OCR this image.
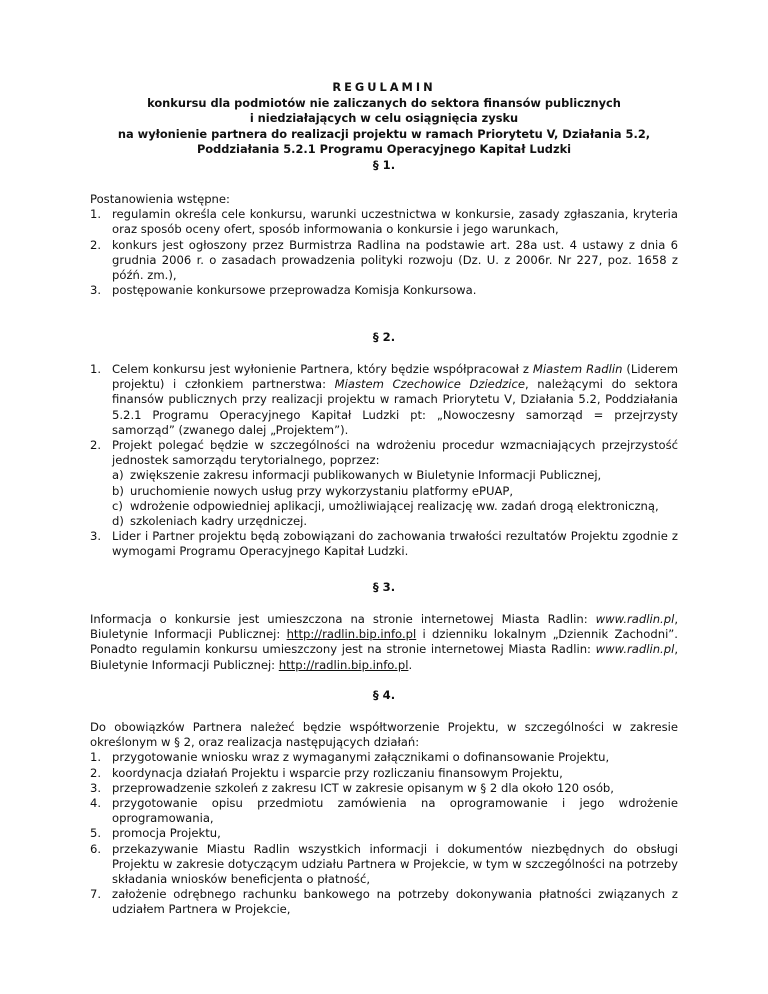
REGULAMIN
konkursu dla podmiotów nie zaliczanych do sektora finansów publicznych
i niedziałających w celu osiągnięcia zysku
na wyłonienie partnera do realizacji projektu w ramach Priorytetu V, Działania 5.2,
Poddziałania 5.2.1 Programu Operacyjnego Kapitał Ludzki
§ 1.
Postanowienia wstępne:
1. regulamin określa cele konkursu, warunki uczestnictwa w konkursie, zasady zgłaszania, kryteria oraz sposób oceny ofert, sposób informowania o konkursie i jego warunkach,
2. konkurs jest ogłoszony przez Burmistrza Radlina na podstawie art. 28a ust. 4 ustawy z dnia 6 grudnia 2006 r. o zasadach prowadzenia polityki rozwoju (Dz. U. z 2006r. Nr 227, poz. 1658 z późń. zm.),
3. postępowanie konkursowe przeprowadza Komisja Konkursowa.
§ 2.
1. Celem konkursu jest wyłonienie Partnera, który będzie współpracował z Miastem Radlin (Liderem projektu) i członkiem partnerstwa: Miastem Czechowice Dziedzice, należącymi do sektora finansów publicznych przy realizacji projektu w ramach Priorytetu V, Działania 5.2, Poddziałania 5.2.1 Programu Operacyjnego Kapitał Ludzki pt: „Nowoczesny samorząd = przejrzysty samorząd” (zwanego dalej „Projektem”).
2. Projekt polegać będzie w szczególności na wdrożeniu procedur wzmacniających przejrzystość jednostek samorządu terytorialnego, poprzez:
a) zwiększenie zakresu informacji publikowanych w Biuletynie Informacji Publicznej,
b) uruchomienie nowych usług przy wykorzystaniu platformy ePUAP,
c) wdrożenie odpowiedniej aplikacji, umożliwiającej realizację ww. zadań drogą elektroniczną,
d) szkoleniach kadry urzędniczej.
3. Lider i Partner projektu będą zobowiązani do zachowania trwałości rezultatów Projektu zgodnie z wymogami Programu Operacyjnego Kapitał Ludzki.
§ 3.
Informacja o konkursie jest umieszczona na stronie internetowej Miasta Radlin: www.radlin.pl, Biuletynie Informacji Publicznej: http://radlin.bip.info.pl i dzienniku lokalnym „Dziennik Zachodni”. Ponadto regulamin konkursu umieszczony jest na stronie internetowej Miasta Radlin: www.radlin.pl, Biuletynie Informacji Publicznej: http://radlin.bip.info.pl.
§ 4.
Do obowiązków Partnera należeć będzie współtworzenie Projektu, w szczególności w zakresie określonym w § 2, oraz realizacja następujących działań:
1. przygotowanie wniosku wraz z wymaganymi załącznikami o dofinansowanie Projektu,
2. koordynacja działań Projektu i wsparcie przy rozliczaniu finansowym Projektu,
3. przeprowadzenie szkoleń z zakresu ICT w zakresie opisanym w § 2 dla około 120 osób,
4. przygotowanie opisu przedmiotu zamówienia na oprogramowanie i jego wdrożenie oprogramowania,
5. promocja Projektu,
6. przekazywanie Miastu Radlin wszystkich informacji i dokumentów niezbędnych do obsługi Projektu w zakresie dotyczącym udziału Partnera w Projekcie, w tym w szczególności na potrzeby składania wniosków beneficjenta o płatność,
7. założenie odrębnego rachunku bankowego na potrzeby dokonywania płatności związanych z udziałem Partnera w Projekcie,
